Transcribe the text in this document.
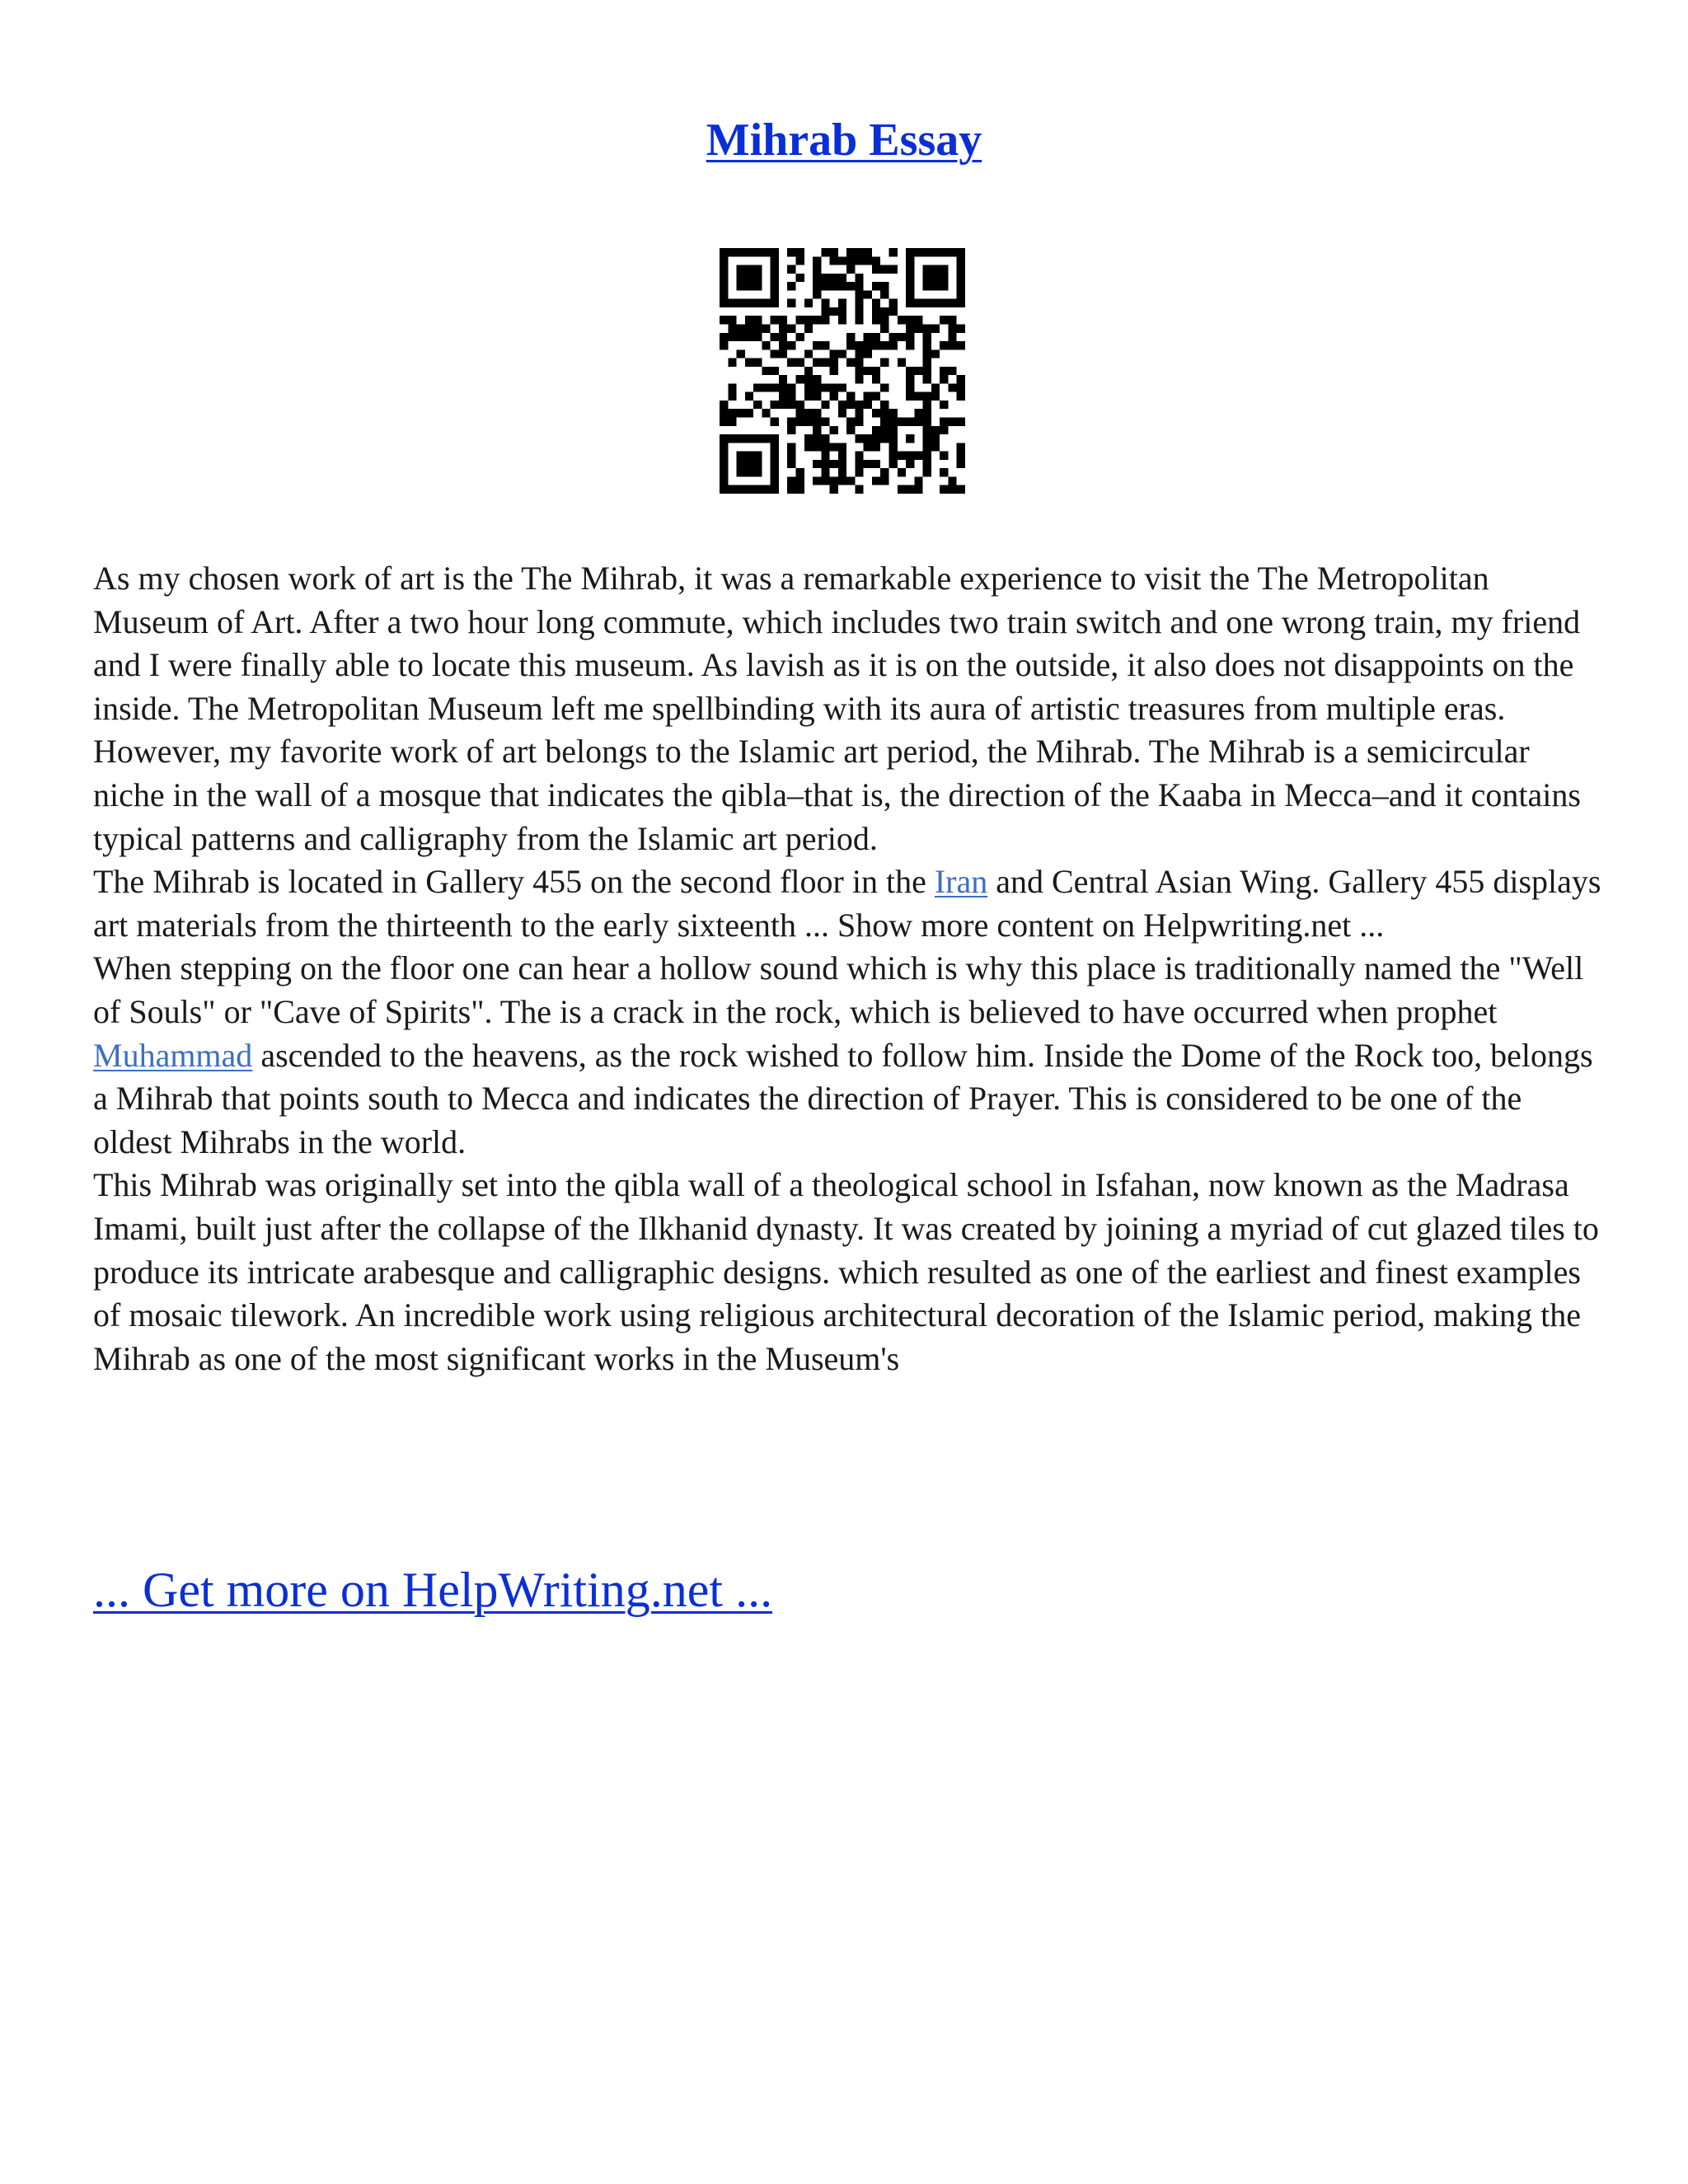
Mihrab Essay

As my chosen work of art is the The Mihrab, it was a remarkable experience to visit the The Metropolitan Museum of Art. After a two hour long commute, which includes two train switch and one wrong train, my friend and I were finally able to locate this museum. As lavish as it is on the outside, it also does not disappoints on the inside. The Metropolitan Museum left me spellbinding with its aura of artistic treasures from multiple eras. However, my favorite work of art belongs to the Islamic art period, the Mihrab. The Mihrab is a semicircular niche in the wall of a mosque that indicates the qibla–that is, the direction of the Kaaba in Mecca–and it contains typical patterns and calligraphy from the Islamic art period.

The Mihrab is located in Gallery 455 on the second floor in the Iran and Central Asian Wing. Gallery 455 displays art materials from the thirteenth to the early sixteenth ... Show more content on Helpwriting.net ...

When stepping on the floor one can hear a hollow sound which is why this place is traditionally named the "Well of Souls" or "Cave of Spirits". The is a crack in the rock, which is believed to have occurred when prophet Muhammad ascended to the heavens, as the rock wished to follow him. Inside the Dome of the Rock too, belongs a Mihrab that points south to Mecca and indicates the direction of Prayer. This is considered to be one of the oldest Mihrabs in the world.

This Mihrab was originally set into the qibla wall of a theological school in Isfahan, now known as the Madrasa Imami, built just after the collapse of the Ilkhanid dynasty. It was created by joining a myriad of cut glazed tiles to produce its intricate arabesque and calligraphic designs. which resulted as one of the earliest and finest examples of mosaic tilework. An incredible work using religious architectural decoration of the Islamic period, making the Mihrab as one of the most significant works in the Museum's

... Get more on HelpWriting.net ...
